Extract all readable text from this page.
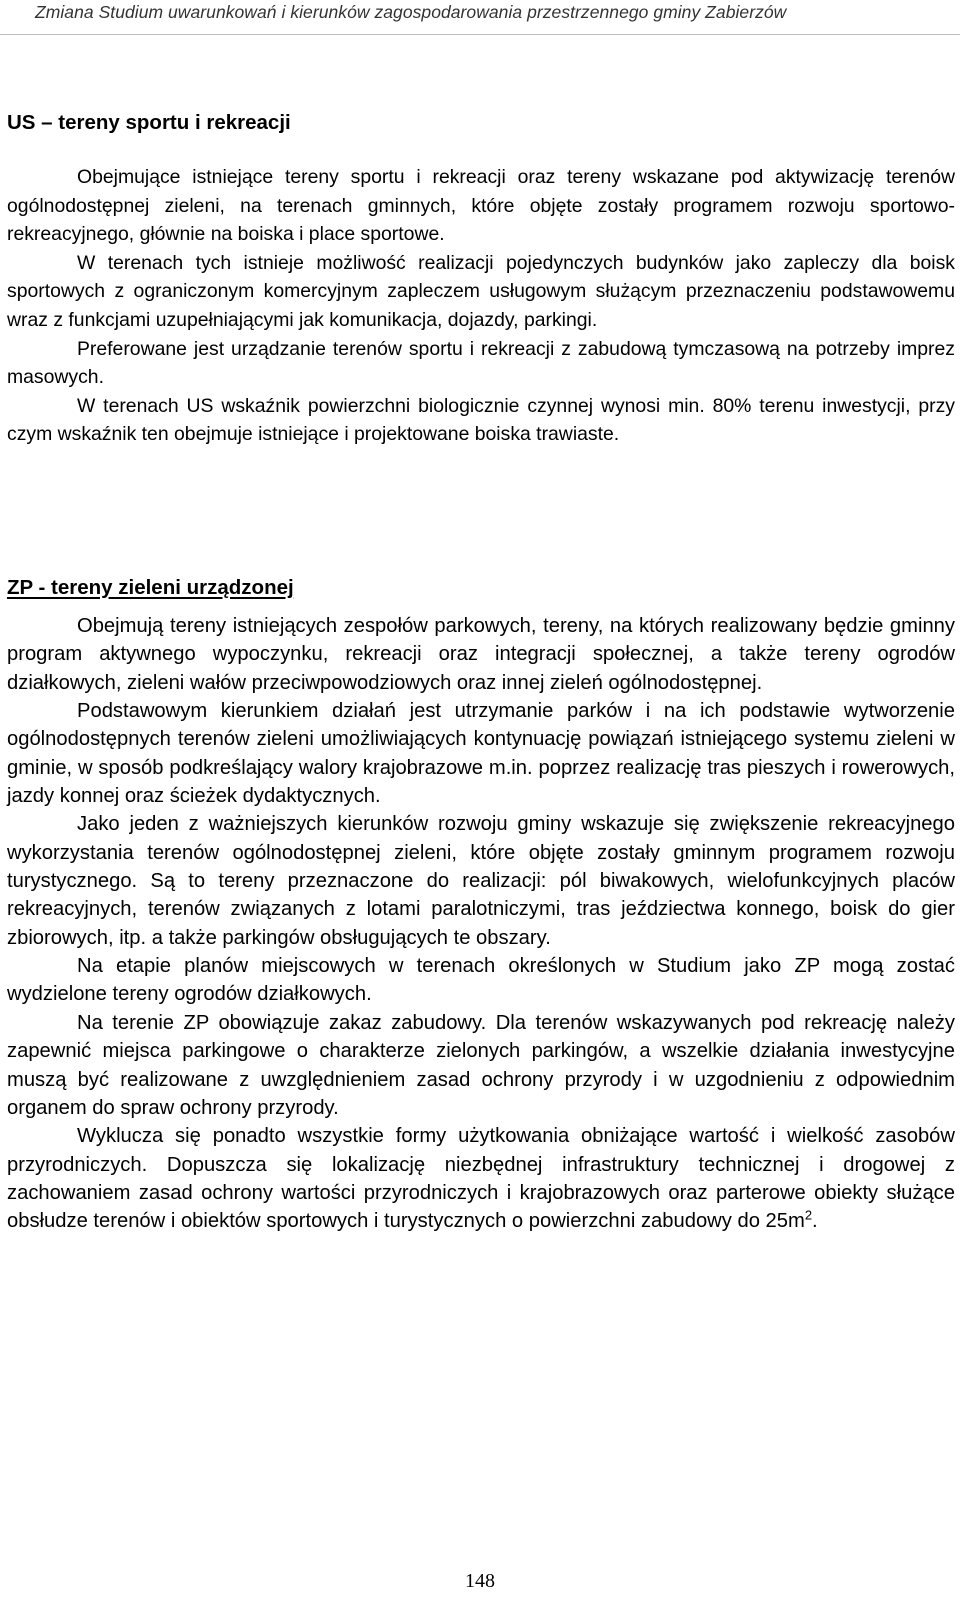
Zmiana Studium uwarunkowań i kierunków zagospodarowania przestrzennego gminy Zabierzów
US – tereny sportu i rekreacji

Obejmujące istniejące tereny sportu i rekreacji oraz tereny wskazane pod aktywizację terenów ogólnodostępnej zieleni, na terenach gminnych, które objęte zostały programem rozwoju sportowo- rekreacyjnego, głównie na boiska i place sportowe.

W terenach tych istnieje możliwość realizacji pojedynczych budynków jako zapleczy dla boisk sportowych z ograniczonym komercyjnym zapleczem usługowym służącym przeznaczeniu podstawowemu wraz z funkcjami uzupełniającymi jak komunikacja, dojazdy, parkingi.

Preferowane jest urządzanie terenów sportu i rekreacji z zabudową tymczasową na potrzeby imprez masowych.

W terenach US wskaźnik powierzchni biologicznie czynnej wynosi min. 80% terenu inwestycji, przy czym wskaźnik ten obejmuje istniejące i projektowane boiska trawiaste.

ZP - tereny zieleni urządzonej

Obejmują tereny istniejących zespołów parkowych, tereny, na których realizowany będzie gminny program aktywnego wypoczynku, rekreacji oraz integracji społecznej, a także tereny ogrodów działkowych, zieleni wałów przeciwpowodziowych oraz innej zieleń ogólnodostępnej.

Podstawowym kierunkiem działań jest utrzymanie parków i na ich podstawie wytworzenie ogólnodostępnych terenów zieleni umożliwiających kontynuację powiązań istniejącego systemu zieleni w gminie, w sposób podkreślający walory krajobrazowe m.in. poprzez realizację tras pieszych i rowerowych, jazdy konnej oraz ścieżek dydaktycznych.

Jako jeden z ważniejszych kierunków rozwoju gminy wskazuje się zwiększenie rekreacyjnego wykorzystania terenów ogólnodostępnej zieleni, które objęte zostały gminnym programem rozwoju turystycznego. Są to tereny przeznaczone do realizacji: pól biwakowych, wielofunkcyjnych placów rekreacyjnych, terenów związanych z lotami paralotniczymi, tras jeździectwa konnego, boisk do gier zbiorowych, itp. a także parkingów obsługujących te obszary.

Na etapie planów miejscowych w terenach określonych w Studium jako ZP mogą zostać wydzielone tereny ogrodów działkowych.

Na terenie ZP obowiązuje zakaz zabudowy. Dla terenów wskazywanych pod rekreację należy zapewnić miejsca parkingowe o charakterze zielonych parkingów, a wszelkie działania inwestycyjne muszą być realizowane z uwzględnieniem zasad ochrony przyrody i w uzgodnieniu z odpowiednim organem do spraw ochrony przyrody.

Wyklucza się ponadto wszystkie formy użytkowania obniżające wartość i wielkość zasobów przyrodniczych. Dopuszcza się lokalizację niezbędnej infrastruktury technicznej i drogowej z zachowaniem zasad ochrony wartości przyrodniczych i krajobrazowych oraz parterowe obiekty służące obsłudze terenów i obiektów sportowych i turystycznych o powierzchni zabudowy do $25m^2$.

148
